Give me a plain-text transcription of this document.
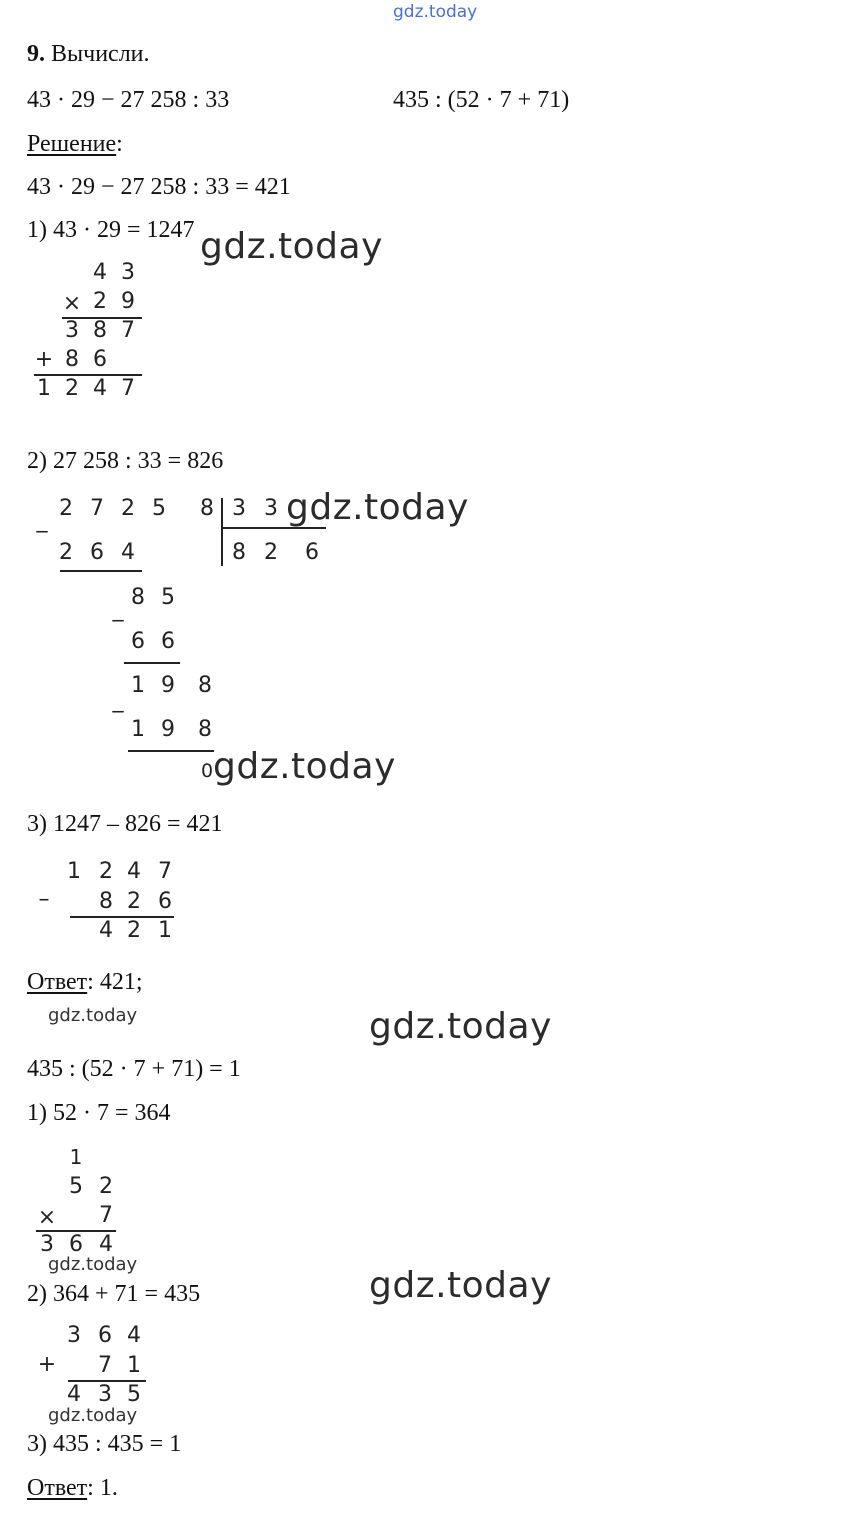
gdz.today
9. Вычисли.
43 · 29 − 27 258 : 33	435 : (52 · 7 + 71)
Решение:
43 · 29 − 27 258 : 33 = 421
1) 43 · 29 = 1247 gdz.today
4 3
× 2 9
3 8 7
+ 8 6
1 2 4 7
2) 27 258 : 33 = 826
_ 2 7 2 5 8 3 3
8 2 6
2 6 4
_ 8 5
6 6
1 9 8
_
1 9 8
0
gdz.today
gdz.today
3) 1247 – 826 = 421
1 2 4 7
– 8 2 6
4 2 1
Ответ: 421;
gdz.today	gdz.today
435 : (52 · 7 + 71) = 1
1) 52 · 7 = 364
1
5 2
× 7
3 6 4
gdz.today
2) 364 + 71 = 435	gdz.today
3 6 4
+ 7 1
4 3 5
gdz.today
3) 435 : 435 = 1
Ответ: 1.
